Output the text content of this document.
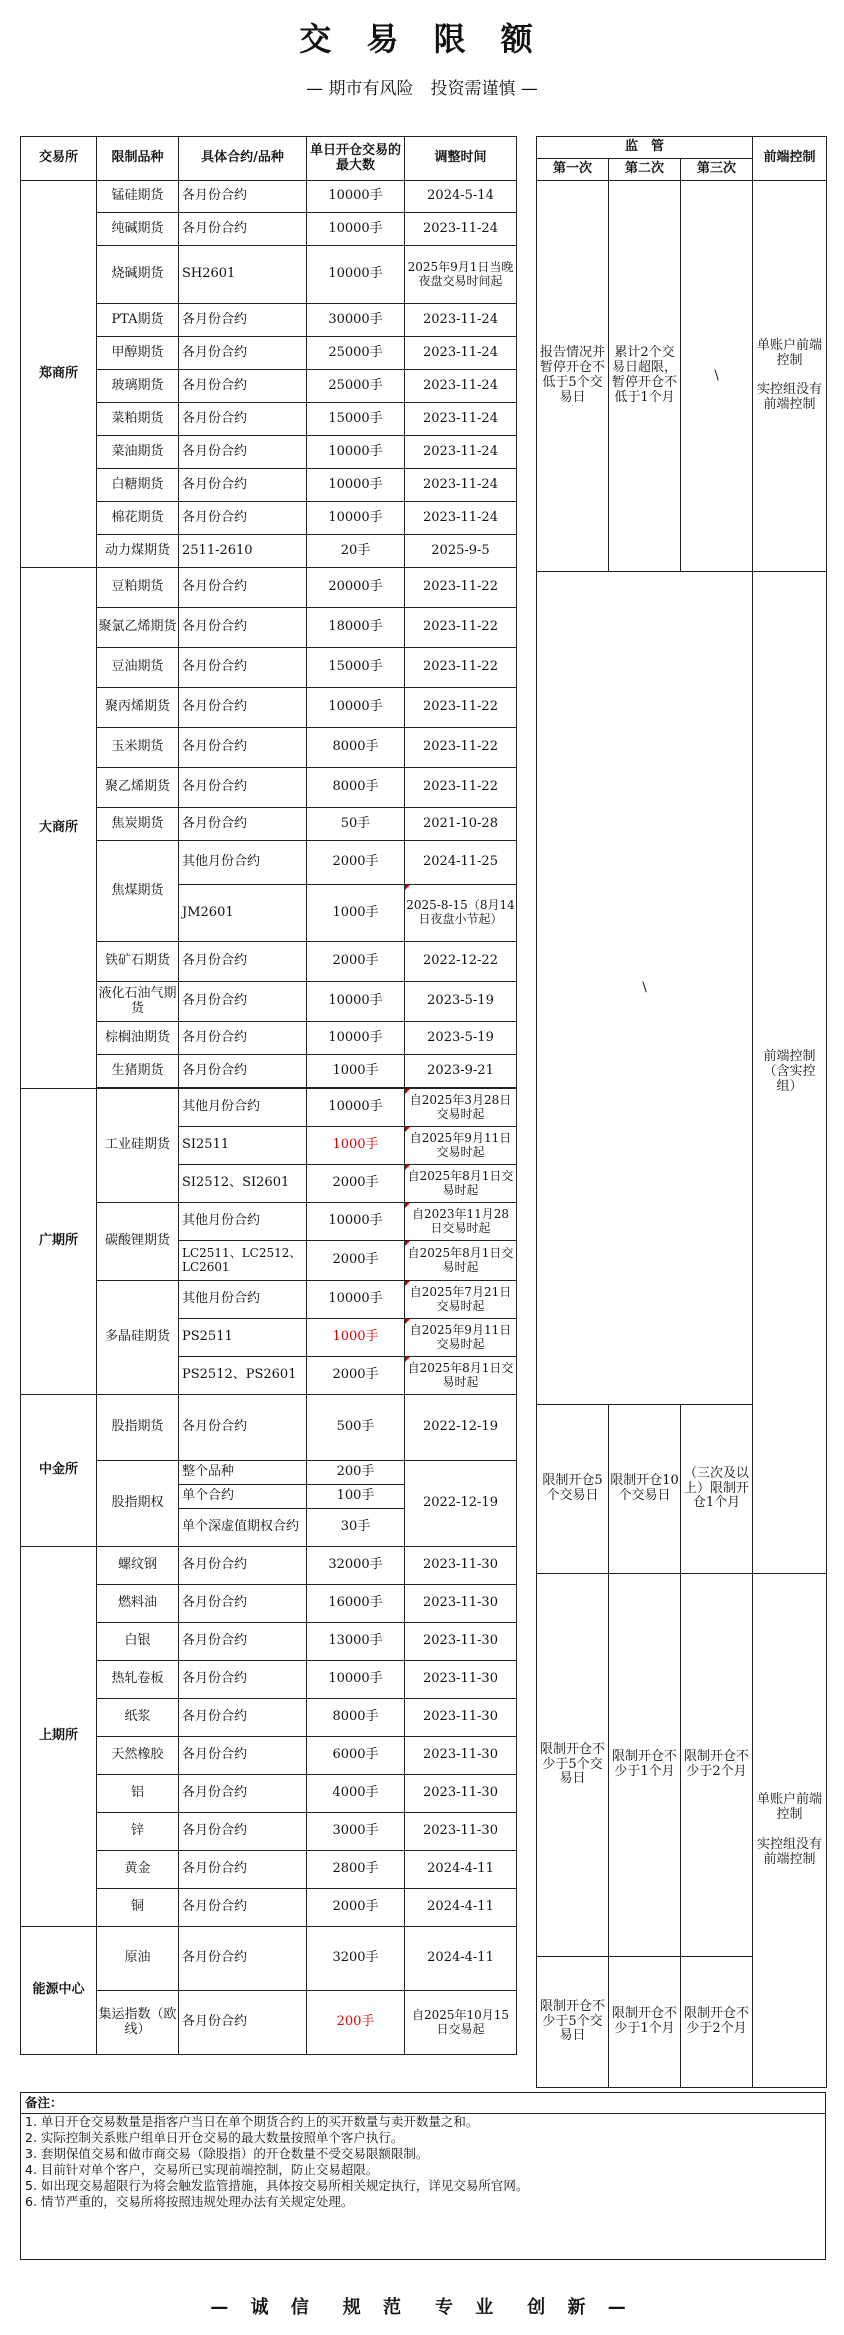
交 易 限 额
— 期市有风险　投资需谨慎 —
交易所	限制品种	具体合约/品种	单日开仓交易的最大数	调整时间
郑商所	锰硅期货	各月份合约	10000手	2024-5-14
	纯碱期货	各月份合约	10000手	2023-11-24
	烧碱期货	SH2601	10000手	2025年9月1日当晚夜盘交易时间起
	PTA期货	各月份合约	30000手	2023-11-24
	甲醇期货	各月份合约	25000手	2023-11-24
	玻璃期货	各月份合约	25000手	2023-11-24
	菜粕期货	各月份合约	15000手	2023-11-24
	菜油期货	各月份合约	10000手	2023-11-24
	白糖期货	各月份合约	10000手	2023-11-24
	棉花期货	各月份合约	10000手	2023-11-24
	动力煤期货	2511-2610	20手	2025-9-5
大商所	豆粕期货	各月份合约	20000手	2023-11-22
	聚氯乙烯期货	各月份合约	18000手	2023-11-22
	豆油期货	各月份合约	15000手	2023-11-22
	聚丙烯期货	各月份合约	10000手	2023-11-22
	玉米期货	各月份合约	8000手	2023-11-22
	聚乙烯期货	各月份合约	8000手	2023-11-22
	焦炭期货	各月份合约	50手	2021-10-28
	焦煤期货	其他月份合约	2000手	2024-11-25
		JM2601	1000手	2025-8-15（8月14日夜盘小节起）
	铁矿石期货	各月份合约	2000手	2022-12-22
	液化石油气期货	各月份合约	10000手	2023-5-19
	棕榈油期货	各月份合约	10000手	2023-5-19
	生猪期货	各月份合约	1000手	2023-9-21

广期所	工业硅期货	其他月份合约	10000手	自2025年3月28日交易时起
		SI2511	1000手	自2025年9月11日交易时起
		SI2512、SI2601	2000手	自2025年8月1日交易时起
	碳酸锂期货	其他月份合约	10000手	自2023年11月28日交易时起
		LC2511、LC2512、LC2601	2000手	自2025年8月1日交易时起
	多晶硅期货	其他月份合约	10000手	自2025年7月21日交易时起
		PS2511	1000手	自2025年9月11日交易时起
		PS2512、PS2601	2000手	自2025年8月1日交易时起
中金所	股指期货	各月份合约	500手	2022-12-19
	股指期权	整个品种	200手	2022-12-19
		单个合约	100手	
		单个深虚值期权合约	30手	
上期所	螺纹钢	各月份合约	32000手	2023-11-30
	燃料油	各月份合约	16000手	2023-11-30
	白银	各月份合约	13000手	2023-11-30
	热轧卷板	各月份合约	10000手	2023-11-30
	纸浆	各月份合约	8000手	2023-11-30
	天然橡胶	各月份合约	6000手	2023-11-30
	铝	各月份合约	4000手	2023-11-30
	锌	各月份合约	3000手	2023-11-30
	黄金	各月份合约	2800手	2024-4-11
	铜	各月份合约	2000手	2024-4-11
能源中心	原油	各月份合约	3200手	2024-4-11
	集运指数（欧线）	各月份合约	200手	自2025年10月15日交易起
监　管			前端控制
第一次	第二次	第三次	
报告情况并暂停开仓不低于5个交易日	累计2个交易日超限，暂停开仓不低于1个月	\	单账户前端控制

实控组没有前端控制
\			前端控制（含实控组）
限制开仓5个交易日	限制开仓10个交易日	（三次及以上）限制开仓1个月	
限制开仓不少于5个交易日	限制开仓不少于1个月	限制开仓不少于2个月	单账户前端控制

实控组没有前端控制
限制开仓不少于5个交易日	限制开仓不少于1个月	限制开仓不少于2个月	
备注：
1. 单日开仓交易数量是指客户当日在单个期货合约上的买开数量与卖开数量之和。
2. 实际控制关系账户组单日开仓交易的最大数量按照单个客户执行。
3. 套期保值交易和做市商交易（除股指）的开仓数量不受交易限额限制。
4. 目前针对单个客户，交易所已实现前端控制，防止交易超限。
5. 如出现交易超限行为将会触发监管措施，具体按交易所相关规定执行，详见交易所官网。
6. 情节严重的，交易所将按照违规处理办法有关规定处理。
— 诚 信　规 范　专 业　创 新 —
